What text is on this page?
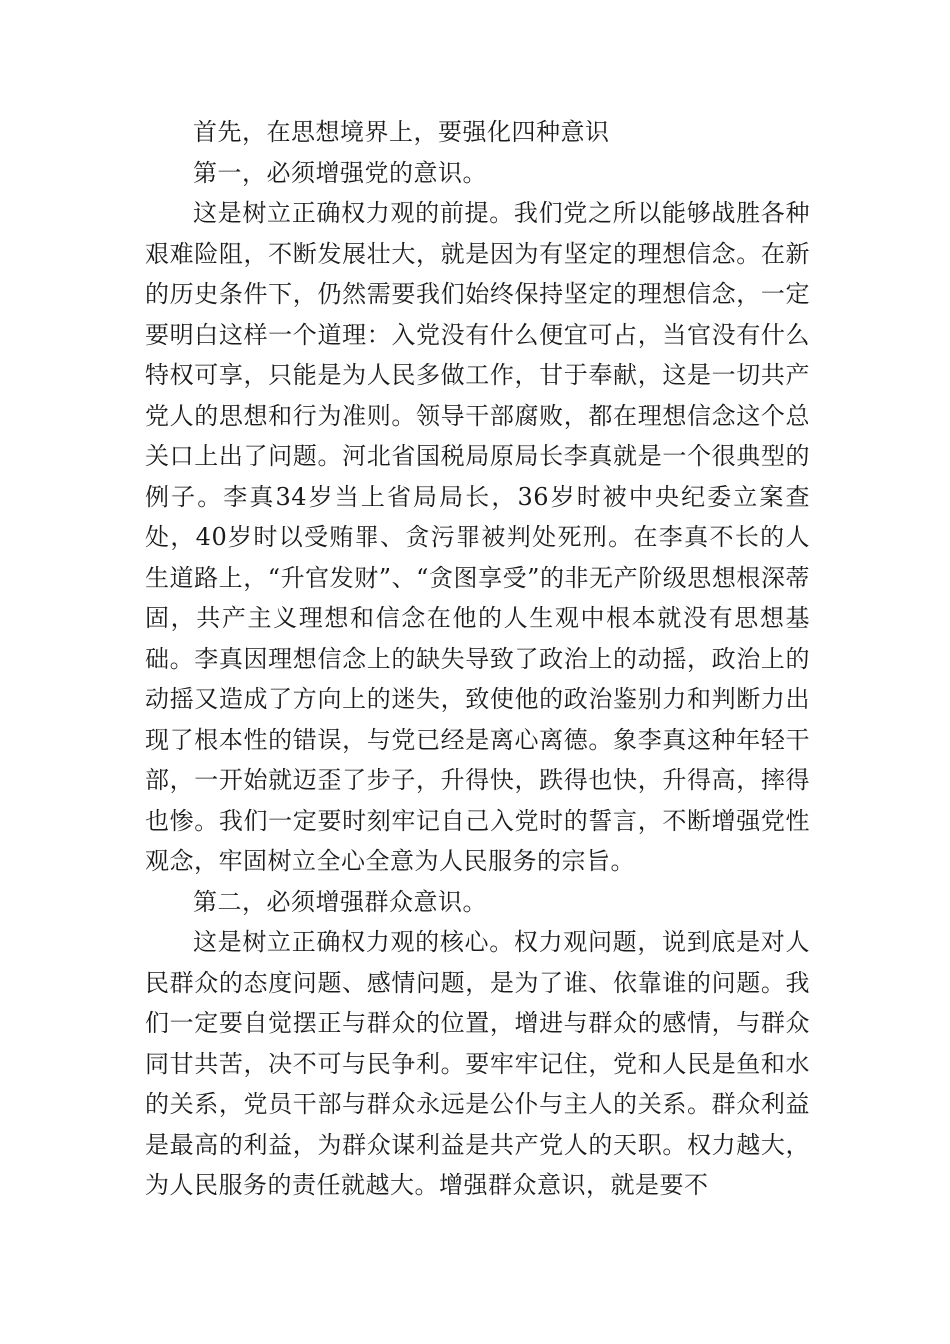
首先，在思想境界上，要强化四种意识

第一，必须增强党的意识。

这是树立正确权力观的前提。我们党之所以能够战胜各种艰难险阻，不断发展壮大，就是因为有坚定的理想信念。在新的历史条件下，仍然需要我们始终保持坚定的理想信念，一定要明白这样一个道理：入党没有什么便宜可占，当官没有什么特权可享，只能是为人民多做工作，甘于奉献，这是一切共产党人的思想和行为准则。领导干部腐败，都在理想信念这个总关口上出了问题。河北省国税局原局长李真就是一个很典型的例子。李真34岁当上省局局长，36岁时被中央纪委立案查处，40岁时以受贿罪、贪污罪被判处死刑。在李真不长的人生道路上，“升官发财”、“贪图享受”的非无产阶级思想根深蒂固，共产主义理想和信念在他的人生观中根本就没有思想基础。李真因理想信念上的缺失导致了政治上的动摇，政治上的动摇又造成了方向上的迷失，致使他的政治鉴别力和判断力出现了根本性的错误，与党已经是离心离德。象李真这种年轻干部，一开始就迈歪了步子，升得快，跌得也快，升得高，摔得也惨。我们一定要时刻牢记自己入党时的誓言，不断增强党性观念，牢固树立全心全意为人民服务的宗旨。

第二，必须增强群众意识。

这是树立正确权力观的核心。权力观问题，说到底是对人民群众的态度问题、感情问题，是为了谁、依靠谁的问题。我们一定要自觉摆正与群众的位置，增进与群众的感情，与群众同甘共苦，决不可与民争利。要牢牢记住，党和人民是鱼和水的关系，党员干部与群众永远是公仆与主人的关系。群众利益是最高的利益，为群众谋利益是共产党人的天职。权力越大，为人民服务的责任就越大。增强群众意识，就是要不
